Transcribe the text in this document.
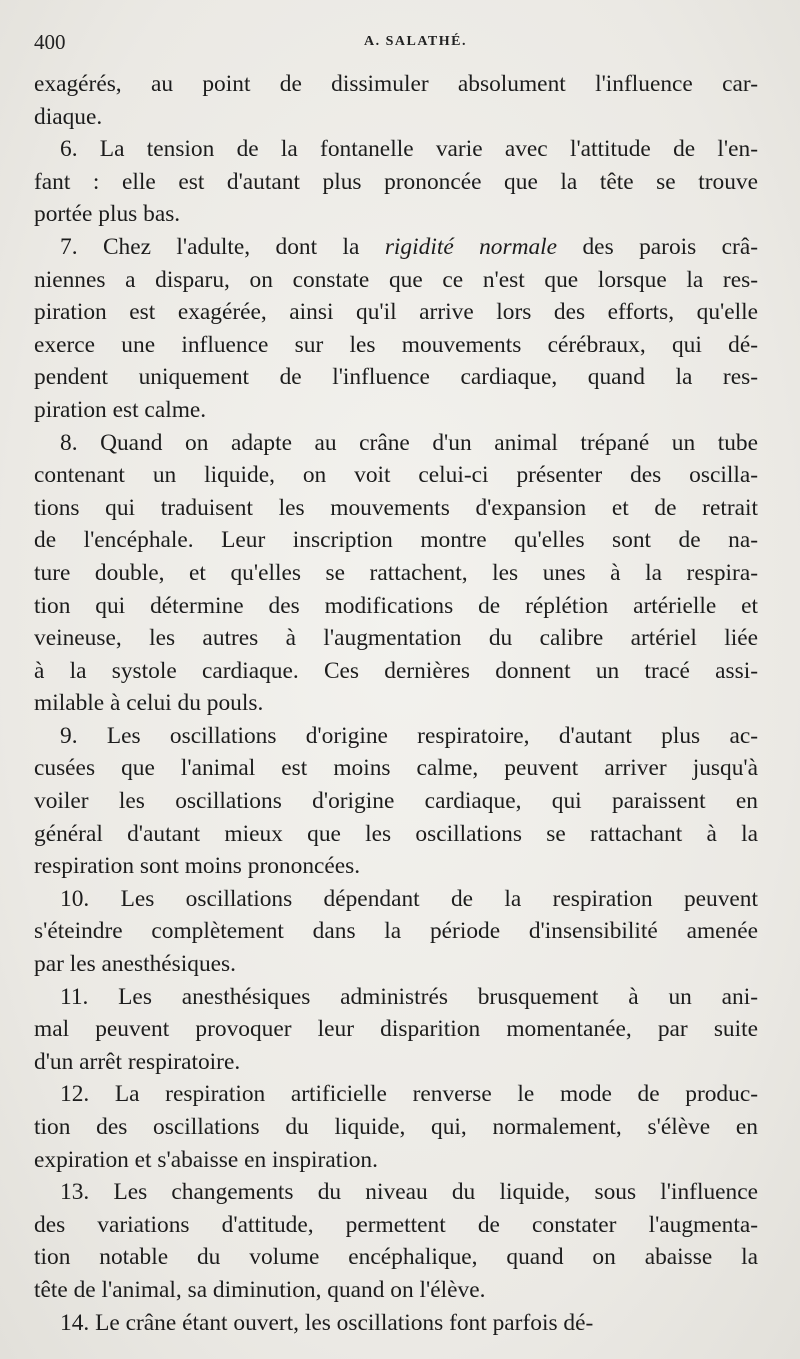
400	A. SALATHÉ.

exagérés, au point de dissimuler absolument l'influence car-
diaque.

6. La tension de la fontanelle varie avec l'attitude de l'en-
fant : elle est d'autant plus prononcée que la tête se trouve
portée plus bas.

7. Chez l'adulte, dont la rigidité normale des parois crâ-
niennes a disparu, on constate que ce n'est que lorsque la res-
piration est exagérée, ainsi qu'il arrive lors des efforts, qu'elle
exerce une influence sur les mouvements cérébraux, qui dé-
pendent uniquement de l'influence cardiaque, quand la res-
piration est calme.

8. Quand on adapte au crâne d'un animal trépané un tube
contenant un liquide, on voit celui-ci présenter des oscilla-
tions qui traduisent les mouvements d'expansion et de retrait
de l'encéphale. Leur inscription montre qu'elles sont de na-
ture double, et qu'elles se rattachent, les unes à la respira-
tion qui détermine des modifications de réplétion artérielle et
veineuse, les autres à l'augmentation du calibre artériel liée
à la systole cardiaque. Ces dernières donnent un tracé assi-
milable à celui du pouls.

9. Les oscillations d'origine respiratoire, d'autant plus ac-
cusées que l'animal est moins calme, peuvent arriver jusqu'à
voiler les oscillations d'origine cardiaque, qui paraissent en
général d'autant mieux que les oscillations se rattachant à la
respiration sont moins prononcées.

10. Les oscillations dépendant de la respiration peuvent
s'éteindre complètement dans la période d'insensibilité amenée
par les anesthésiques.

11. Les anesthésiques administrés brusquement à un ani-
mal peuvent provoquer leur disparition momentanée, par suite
d'un arrêt respiratoire.

12. La respiration artificielle renverse le mode de produc-
tion des oscillations du liquide, qui, normalement, s'élève en
expiration et s'abaisse en inspiration.

13. Les changements du niveau du liquide, sous l'influence
des variations d'attitude, permettent de constater l'augmenta-
tion notable du volume encéphalique, quand on abaisse la
tête de l'animal, sa diminution, quand on l'élève.

14. Le crâne étant ouvert, les oscillations font parfois dé-
